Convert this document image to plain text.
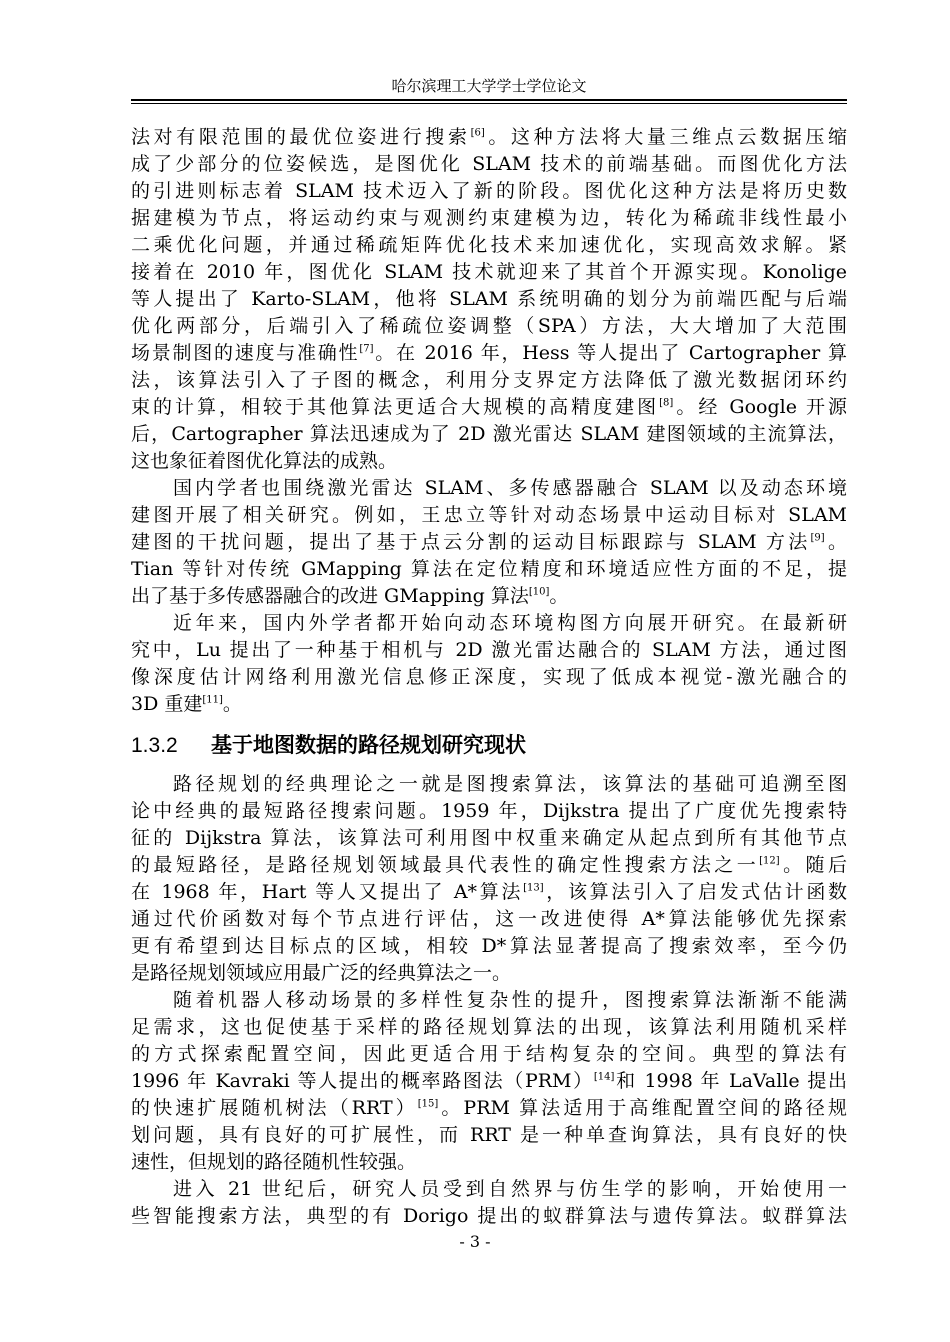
哈尔滨理工大学学士学位论文
法对有限范围的最优位姿进行搜索[6]。这种方法将大量三维点云数据压缩
成了少部分的位姿候选，是图优化 SLAM 技术的前端基础。而图优化方法
的引进则标志着 SLAM 技术迈入了新的阶段。图优化这种方法是将历史数
据建模为节点，将运动约束与观测约束建模为边，转化为稀疏非线性最小
二乘优化问题，并通过稀疏矩阵优化技术来加速优化，实现高效求解。紧
接着在 2010 年，图优化 SLAM 技术就迎来了其首个开源实现。Konolige
等人提出了 Karto-SLAM，他将 SLAM 系统明确的划分为前端匹配与后端
优化两部分，后端引入了稀疏位姿调整（SPA）方法，大大增加了大范围
场景制图的速度与准确性[7]。在 2016 年，Hess 等人提出了 Cartographer 算
法，该算法引入了子图的概念，利用分支界定方法降低了激光数据闭环约
束的计算，相较于其他算法更适合大规模的高精度建图[8]。经 Google 开源
后，Cartographer 算法迅速成为了 2D 激光雷达 SLAM 建图领域的主流算法，
这也象征着图优化算法的成熟。
国内学者也围绕激光雷达 SLAM、多传感器融合 SLAM 以及动态环境
建图开展了相关研究。例如，王忠立等针对动态场景中运动目标对 SLAM
建图的干扰问题，提出了基于点云分割的运动目标跟踪与 SLAM 方法[9]。
Tian 等针对传统 GMapping 算法在定位精度和环境适应性方面的不足，提
出了基于多传感器融合的改进 GMapping 算法[10]。
近年来，国内外学者都开始向动态环境构图方向展开研究。在最新研
究中，Lu 提出了一种基于相机与 2D 激光雷达融合的 SLAM 方法，通过图
像深度估计网络利用激光信息修正深度，实现了低成本视觉-激光融合的
3D 重建[11]。
1.3.2 基于地图数据的路径规划研究现状
路径规划的经典理论之一就是图搜索算法，该算法的基础可追溯至图
论中经典的最短路径搜索问题。1959 年，Dijkstra 提出了广度优先搜索特
征的 Dijkstra 算法，该算法可利用图中权重来确定从起点到所有其他节点
的最短路径，是路径规划领域最具代表性的确定性搜索方法之一[12]。随后
在 1968 年，Hart 等人又提出了 A*算法[13]，该算法引入了启发式估计函数
通过代价函数对每个节点进行评估，这一改进使得 A*算法能够优先探索
更有希望到达目标点的区域，相较 D*算法显著提高了搜索效率，至今仍
是路径规划领域应用最广泛的经典算法之一。
随着机器人移动场景的多样性复杂性的提升，图搜索算法渐渐不能满
足需求，这也促使基于采样的路径规划算法的出现，该算法利用随机采样
的方式探索配置空间，因此更适合用于结构复杂的空间。典型的算法有
1996 年 Kavraki 等人提出的概率路图法（PRM）[14]和 1998 年 LaValle 提出
的快速扩展随机树法（RRT）[15]。PRM 算法适用于高维配置空间的路径规
划问题，具有良好的可扩展性，而 RRT 是一种单查询算法，具有良好的快
速性，但规划的路径随机性较强。
进入 21 世纪后，研究人员受到自然界与仿生学的影响，开始使用一
些智能搜索方法，典型的有 Dorigo 提出的蚁群算法与遗传算法。蚁群算法
- 3 -
